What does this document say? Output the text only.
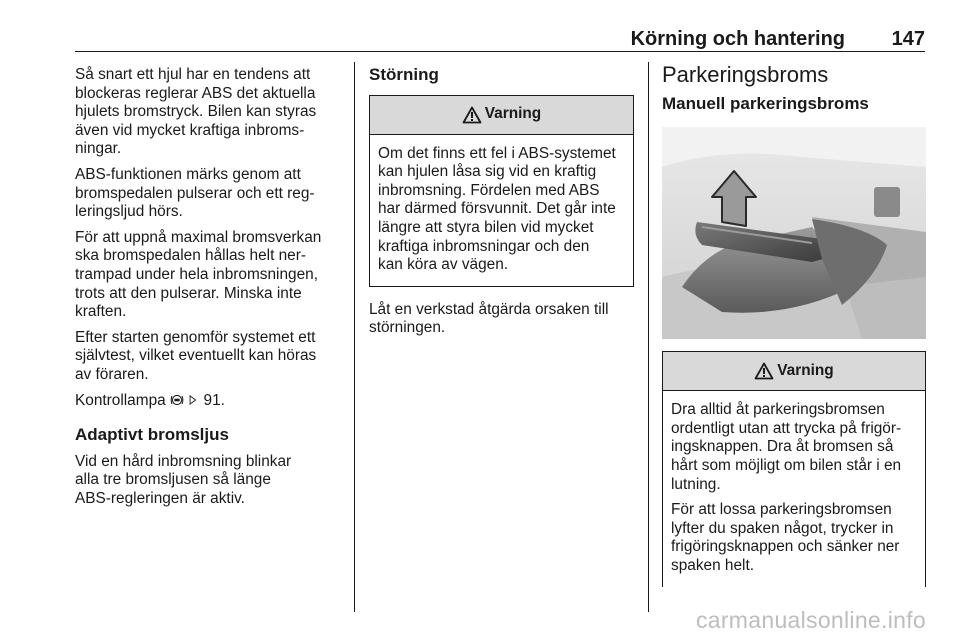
Körning och hantering 147

Så snart ett hjul har en tendens att
blockeras reglerar ABS det aktuella
hjulets bromstryck. Bilen kan styras
även vid mycket kraftiga inbroms-
ningar.

ABS-funktionen märks genom att
bromspedalen pulserar och ett reg-
leringsljud hörs.

För att uppnå maximal bromsverkan
ska bromspedalen hållas helt ner-
trampad under hela inbromsningen,
trots att den pulserar. Minska inte
kraften.

Efter starten genomför systemet ett
självtest, vilket eventuellt kan höras
av föraren.

Kontrollampa 91.

Adaptivt bromsljus

Vid en hård inbromsning blinkar
alla tre bromsljusen så länge
ABS-regleringen är aktiv.

Störning
Varning

Om det finns ett fel i ABS-systemet
kan hjulen låsa sig vid en kraftig
inbromsning. Fördelen med ABS
har därmed försvunnit. Det går inte
längre att styra bilen vid mycket
kraftiga inbromsningar och den
kan köra av vägen.

Låt en verkstad åtgärda orsaken till
störningen.

Parkeringsbroms
Manuell parkeringsbroms
Varning

Dra alltid åt parkeringsbromsen
ordentligt utan att trycka på frigör-
ingsknappen. Dra åt bromsen så
hårt som möjligt om bilen står i en
lutning.

För att lossa parkeringsbromsen
lyfter du spaken något, trycker in
frigöringsknappen och sänker ner
spaken helt.

carmanualsonline.info
